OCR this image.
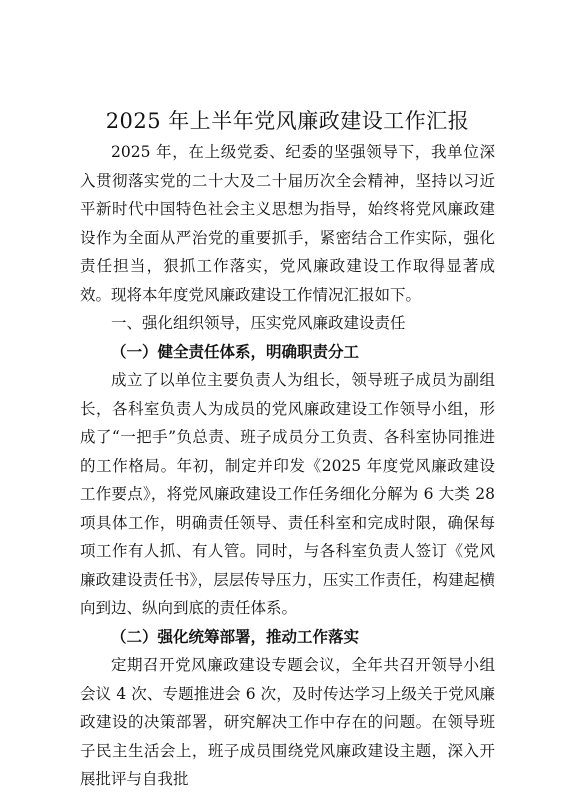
2025 年上半年党风廉政建设工作汇报

2025 年，在上级党委、纪委的坚强领导下，我单位深入贯彻落实党的二十大及二十届历次全会精神，坚持以习近平新时代中国特色社会主义思想为指导，始终将党风廉政建设作为全面从严治党的重要抓手，紧密结合工作实际，强化责任担当，狠抓工作落实，党风廉政建设工作取得显著成效。现将本年度党风廉政建设工作情况汇报如下。

一、强化组织领导，压实党风廉政建设责任

（一）健全责任体系，明确职责分工

成立了以单位主要负责人为组长，领导班子成员为副组长，各科室负责人为成员的党风廉政建设工作领导小组，形成了“一把手”负总责、班子成员分工负责、各科室协同推进的工作格局。年初，制定并印发《2025 年度党风廉政建设工作要点》，将党风廉政建设工作任务细化分解为 6 大类 28 项具体工作，明确责任领导、责任科室和完成时限，确保每项工作有人抓、有人管。同时，与各科室负责人签订《党风廉政建设责任书》，层层传导压力，压实工作责任，构建起横向到边、纵向到底的责任体系。

（二）强化统筹部署，推动工作落实

定期召开党风廉政建设专题会议，全年共召开领导小组会议 4 次、专题推进会 6 次，及时传达学习上级关于党风廉政建设的决策部署，研究解决工作中存在的问题。在领导班子民主生活会上，班子成员围绕党风廉政建设主题，深入开展批评与自我批
